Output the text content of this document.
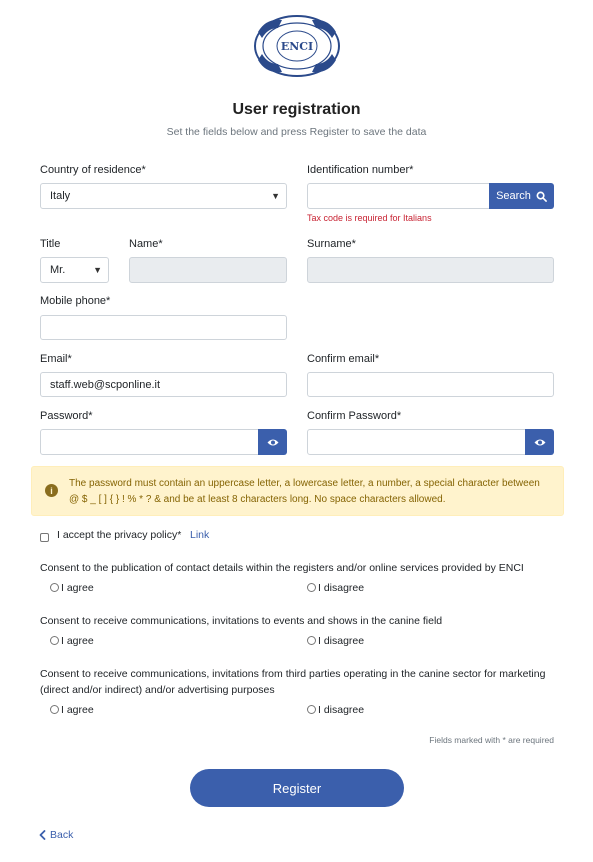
ENCI
User registration
Set the fields below and press Register to save the data
Country of residence*
Italy	▼
Identification number*
Search
Tax code is required for Italians
Title
Mr.	▼
Name*	Surname*
Mobile phone*
Email*
staff.web@scponline.it
Confirm email*
Password*	Confirm Password*
i
The password must contain an uppercase letter, a lowercase letter, a number, a special character between @ $ _ [ ] { } ! % * ? & and be at least 8 characters long. No space characters allowed.
I accept the privacy policy* Link
Consent to the publication of contact details within the registers and/or online services provided by ENCI
I agree	I disagree
Consent to receive communications, invitations to events and shows in the canine field
I agree	I disagree
Consent to receive communications, invitations from third parties operating in the canine sector for marketing (direct and/or indirect) and/or advertising purposes
I agree	I disagree
Fields marked with * are required
Register
Back
